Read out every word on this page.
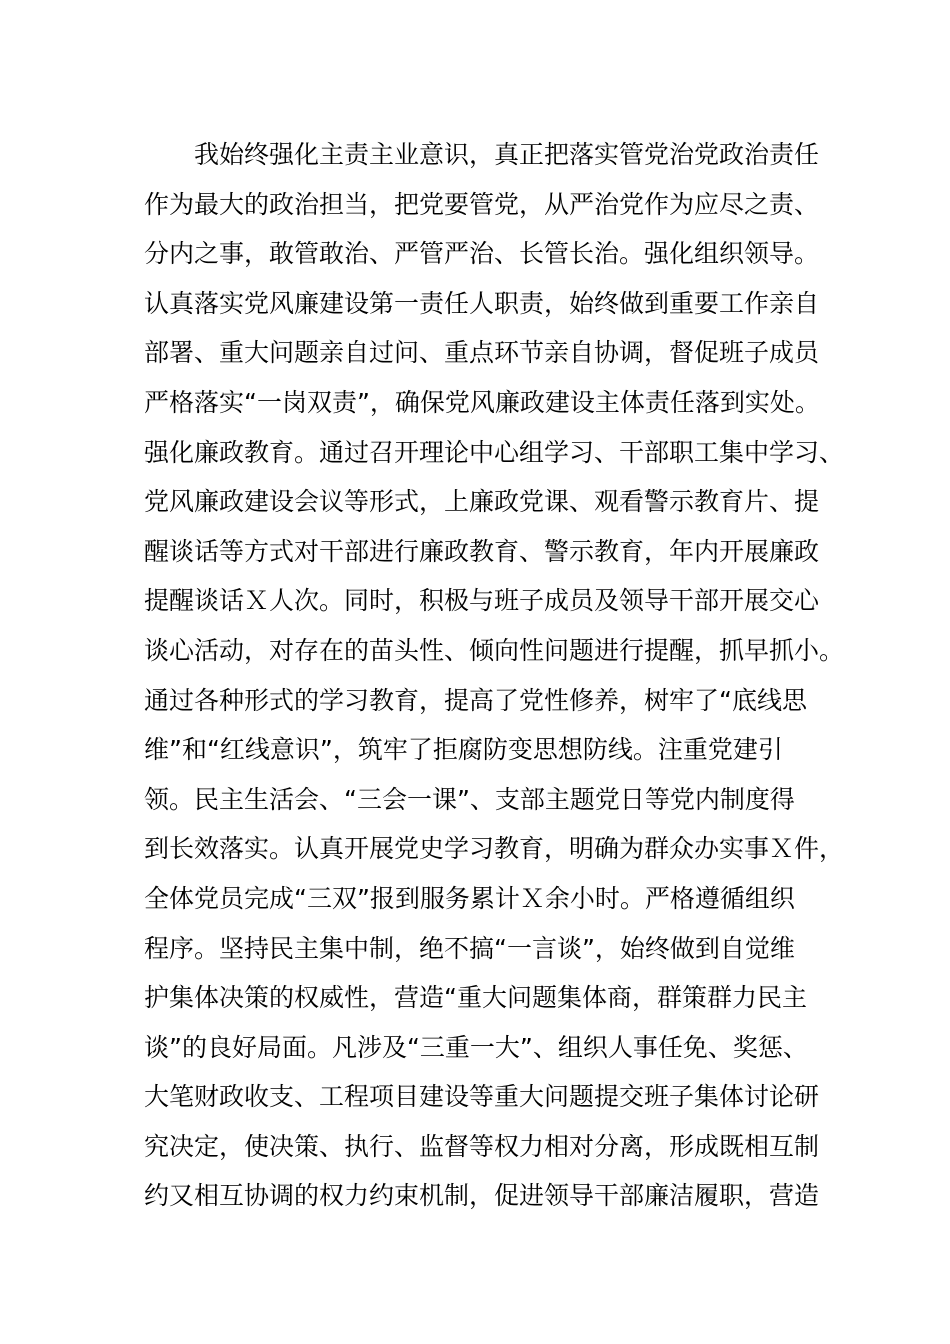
　　我始终强化主责主业意识，真正把落实管党治党政治责任
作为最大的政治担当，把党要管党，从严治党作为应尽之责、
分内之事，敢管敢治、严管严治、长管长治。强化组织领导。
认真落实党风廉建设第一责任人职责，始终做到重要工作亲自
部署、重大问题亲自过问、重点环节亲自协调，督促班子成员
严格落实“一岗双责”，确保党风廉政建设主体责任落到实处。
强化廉政教育。通过召开理论中心组学习、干部职工集中学习、
党风廉政建设会议等形式，上廉政党课、观看警示教育片、提
醒谈话等方式对干部进行廉政教育、警示教育，年内开展廉政
提醒谈话Ｘ人次。同时，积极与班子成员及领导干部开展交心
谈心活动，对存在的苗头性、倾向性问题进行提醒，抓早抓小。
通过各种形式的学习教育，提高了党性修养，树牢了“底线思
维”和“红线意识”，筑牢了拒腐防变思想防线。注重党建引
领。民主生活会、“三会一课”、支部主题党日等党内制度得
到长效落实。认真开展党史学习教育，明确为群众办实事Ｘ件，
全体党员完成“三双”报到服务累计Ｘ余小时。严格遵循组织
程序。坚持民主集中制，绝不搞“一言谈”，始终做到自觉维
护集体决策的权威性，营造“重大问题集体商，群策群力民主
谈”的良好局面。凡涉及“三重一大”、组织人事任免、奖惩、
大笔财政收支、工程项目建设等重大问题提交班子集体讨论研
究决定，使决策、执行、监督等权力相对分离，形成既相互制
约又相互协调的权力约束机制，促进领导干部廉洁履职，营造
